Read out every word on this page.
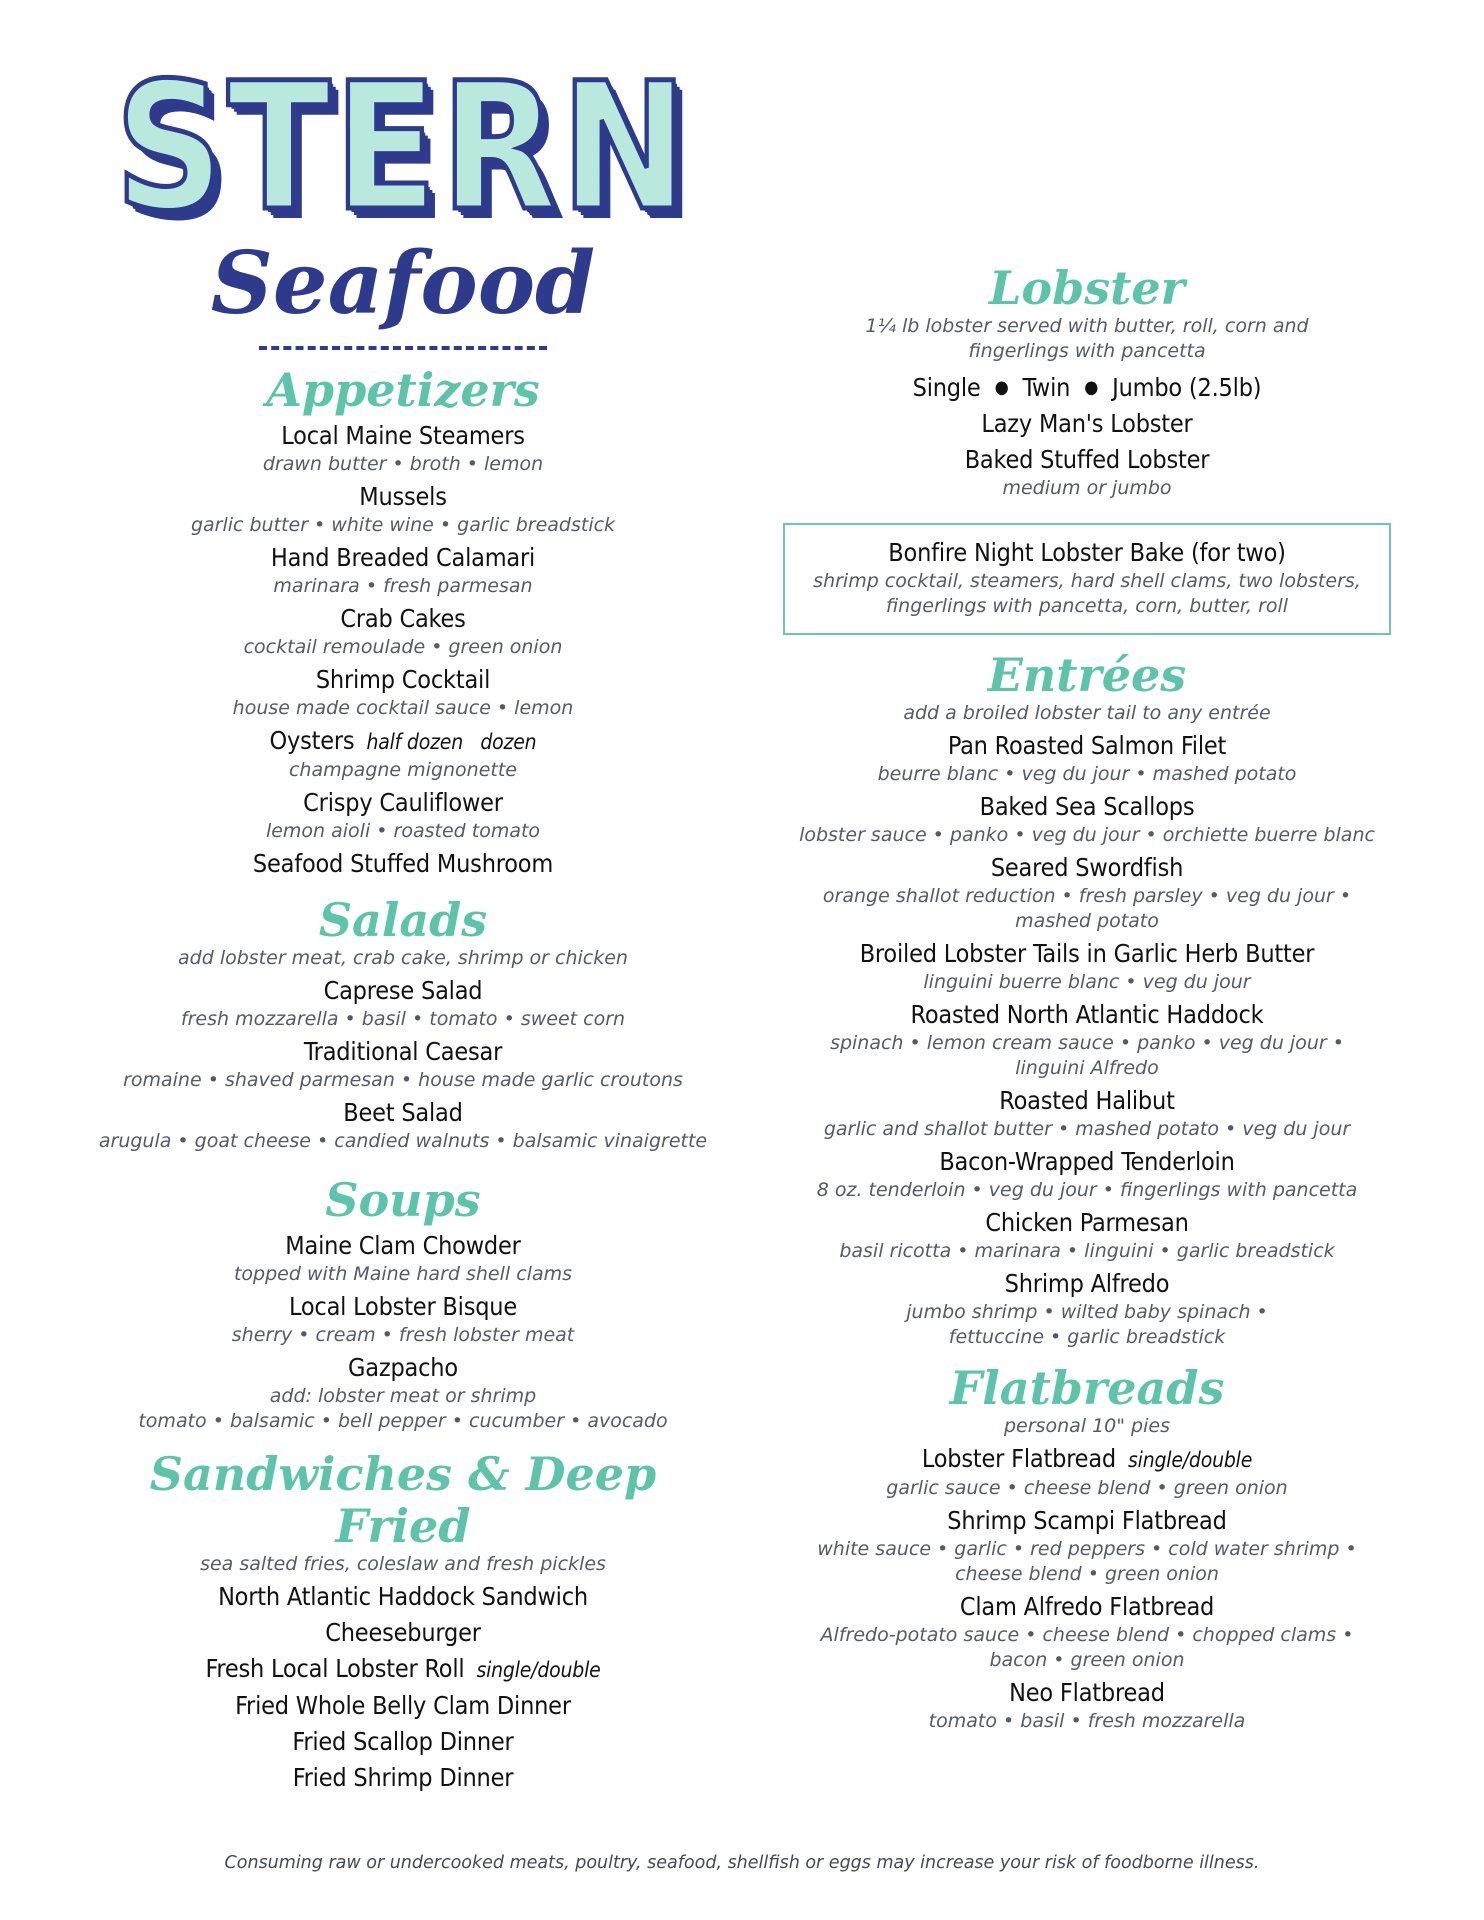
STERN
Seafood
Appetizers
Local Maine Steamers
drawn butter • broth • lemon
Mussels
garlic butter • white wine • garlic breadstick
Hand Breaded Calamari
marinara • fresh parmesan
Crab Cakes
cocktail remoulade • green onion
Shrimp Cocktail
house made cocktail sauce • lemon
Oysters half dozen   dozen
champagne mignonette
Crispy Cauliflower
lemon aioli • roasted tomato
Seafood Stuffed Mushroom
Salads
add lobster meat, crab cake, shrimp or chicken
Caprese Salad
fresh mozzarella • basil • tomato • sweet corn
Traditional Caesar
romaine • shaved parmesan • house made garlic croutons
Beet Salad
arugula • goat cheese • candied walnuts • balsamic vinaigrette
Soups
Maine Clam Chowder
topped with Maine hard shell clams
Local Lobster Bisque
sherry • cream • fresh lobster meat
Gazpacho
add: lobster meat or shrimp
tomato • balsamic • bell pepper • cucumber • avocado
Sandwiches & Deep Fried
sea salted fries, coleslaw and fresh pickles
North Atlantic Haddock Sandwich
Cheeseburger
Fresh Local Lobster Roll single/double
Fried Whole Belly Clam Dinner
Fried Scallop Dinner
Fried Shrimp Dinner
Lobster
1¼ lb lobster served with butter, roll, corn and
fingerlings with pancetta
Single ● Twin ● Jumbo (2.5lb)
Lazy Man's Lobster
Baked Stuffed Lobster
medium or jumbo
Bonfire Night Lobster Bake (for two)
shrimp cocktail, steamers, hard shell clams, two lobsters,
fingerlings with pancetta, corn, butter, roll
Entrées
add a broiled lobster tail to any entrée
Pan Roasted Salmon Filet
beurre blanc • veg du jour • mashed potato
Baked Sea Scallops
lobster sauce • panko • veg du jour • orchiette buerre blanc
Seared Swordfish
orange shallot reduction • fresh parsley • veg du jour •
mashed potato
Broiled Lobster Tails in Garlic Herb Butter
linguini buerre blanc • veg du jour
Roasted North Atlantic Haddock
spinach • lemon cream sauce • panko • veg du jour •
linguini Alfredo
Roasted Halibut
garlic and shallot butter • mashed potato • veg du jour
Bacon-Wrapped Tenderloin
8 oz. tenderloin • veg du jour • fingerlings with pancetta
Chicken Parmesan
basil ricotta • marinara • linguini • garlic breadstick
Shrimp Alfredo
jumbo shrimp • wilted baby spinach •
fettuccine • garlic breadstick
Flatbreads
personal 10" pies
Lobster Flatbread single/double
garlic sauce • cheese blend • green onion
Shrimp Scampi Flatbread
white sauce • garlic • red peppers • cold water shrimp •
cheese blend • green onion
Clam Alfredo Flatbread
Alfredo-potato sauce • cheese blend • chopped clams •
bacon • green onion
Neo Flatbread
tomato • basil • fresh mozzarella
Consuming raw or undercooked meats, poultry, seafood, shellfish or eggs may increase your risk of foodborne illness.
